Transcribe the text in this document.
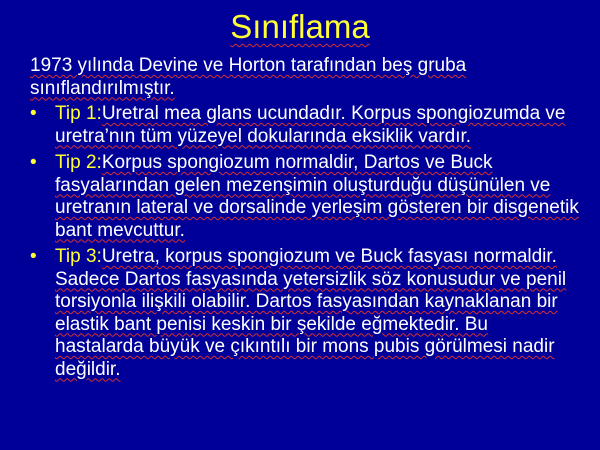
Sınıflama
1973 yılında Devine ve Horton tarafından beş gruba sınıflandırılmıştır.
• Tip 1:Uretral mea glans ucundadır. Korpus spongiozumda ve uretra’nın tüm yüzeyel dokularında eksiklik vardır.
• Tip 2:Korpus spongiozum normaldir, Dartos ve Buck fasyalarından gelen mezenşimin oluşturduğu düşünülen ve uretranın lateral ve dorsalinde yerleşim gösteren bir disgenetik bant mevcuttur.
• Tip 3:Uretra, korpus spongiozum ve Buck fasyası normaldir. Sadece Dartos fasyasında yetersizlik söz konusudur ve penil torsiyonla ilişkili olabilir. Dartos fasyasından kaynaklanan bir elastik bant penisi keskin bir şekilde eğmektedir. Bu hastalarda büyük ve çıkıntılı bir mons pubis görülmesi nadir değildir.
